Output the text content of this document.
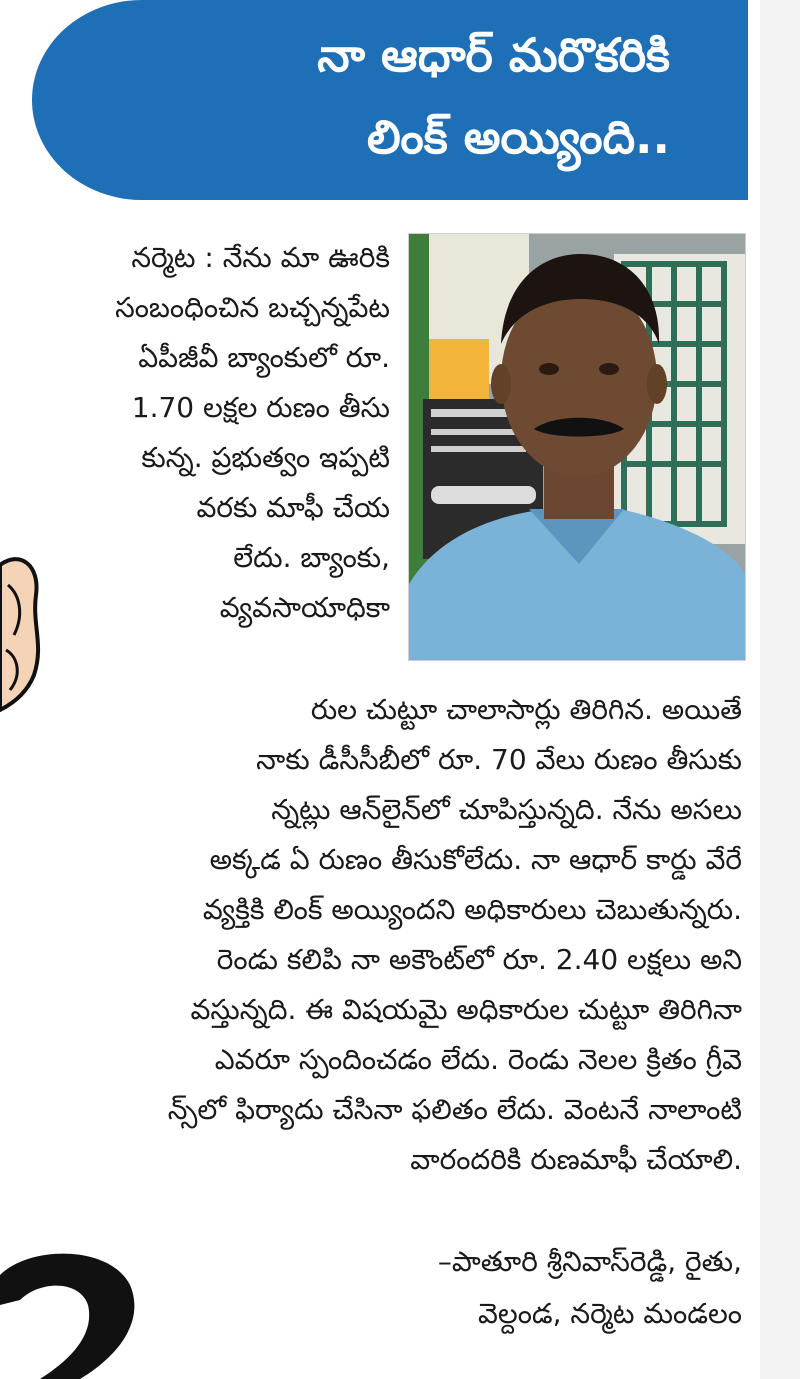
నా ఆధార్ మరొకరికి
లింక్ అయ్యింది..
నర్మెట : నేను మా ఊరికి
సంబంధించిన బచ్చన్నపేట
ఏపీజీవీ బ్యాంకులో రూ.
1.70 లక్షల రుణం తీసు
కున్న. ప్రభుత్వం ఇప్పటి
వరకు మాఫీ చేయ
లేదు. బ్యాంకు,
వ్యవసాయాధికా
రుల చుట్టూ చాలాసార్లు తిరిగిన. అయితే
నాకు డీసీసీబీలో రూ. 70 వేలు రుణం తీసుకు
న్నట్లు ఆన్‌లైన్‌లో చూపిస్తున్నది. నేను అసలు
అక్కడ ఏ రుణం తీసుకోలేదు. నా ఆధార్ కార్డు వేరే
వ్యక్తికి లింక్ అయ్యిందని అధికారులు చెబుతున్నరు.
రెండు కలిపి నా అకౌంట్‌లో రూ. 2.40 లక్షలు అని
వస్తున్నది. ఈ విషయమై అధికారుల చుట్టూ తిరిగినా
ఎవరూ స్పందించడం లేదు. రెండు నెలల క్రితం గ్రీవె
న్స్‌లో ఫిర్యాదు చేసినా ఫలితం లేదు. వెంటనే నాలాంటి
వారందరికి రుణమాఫీ చేయాలి.
–పాతూరి శ్రీనివాస్‌రెడ్డి, రైతు,
వెల్దండ, నర్మెట మండలం
